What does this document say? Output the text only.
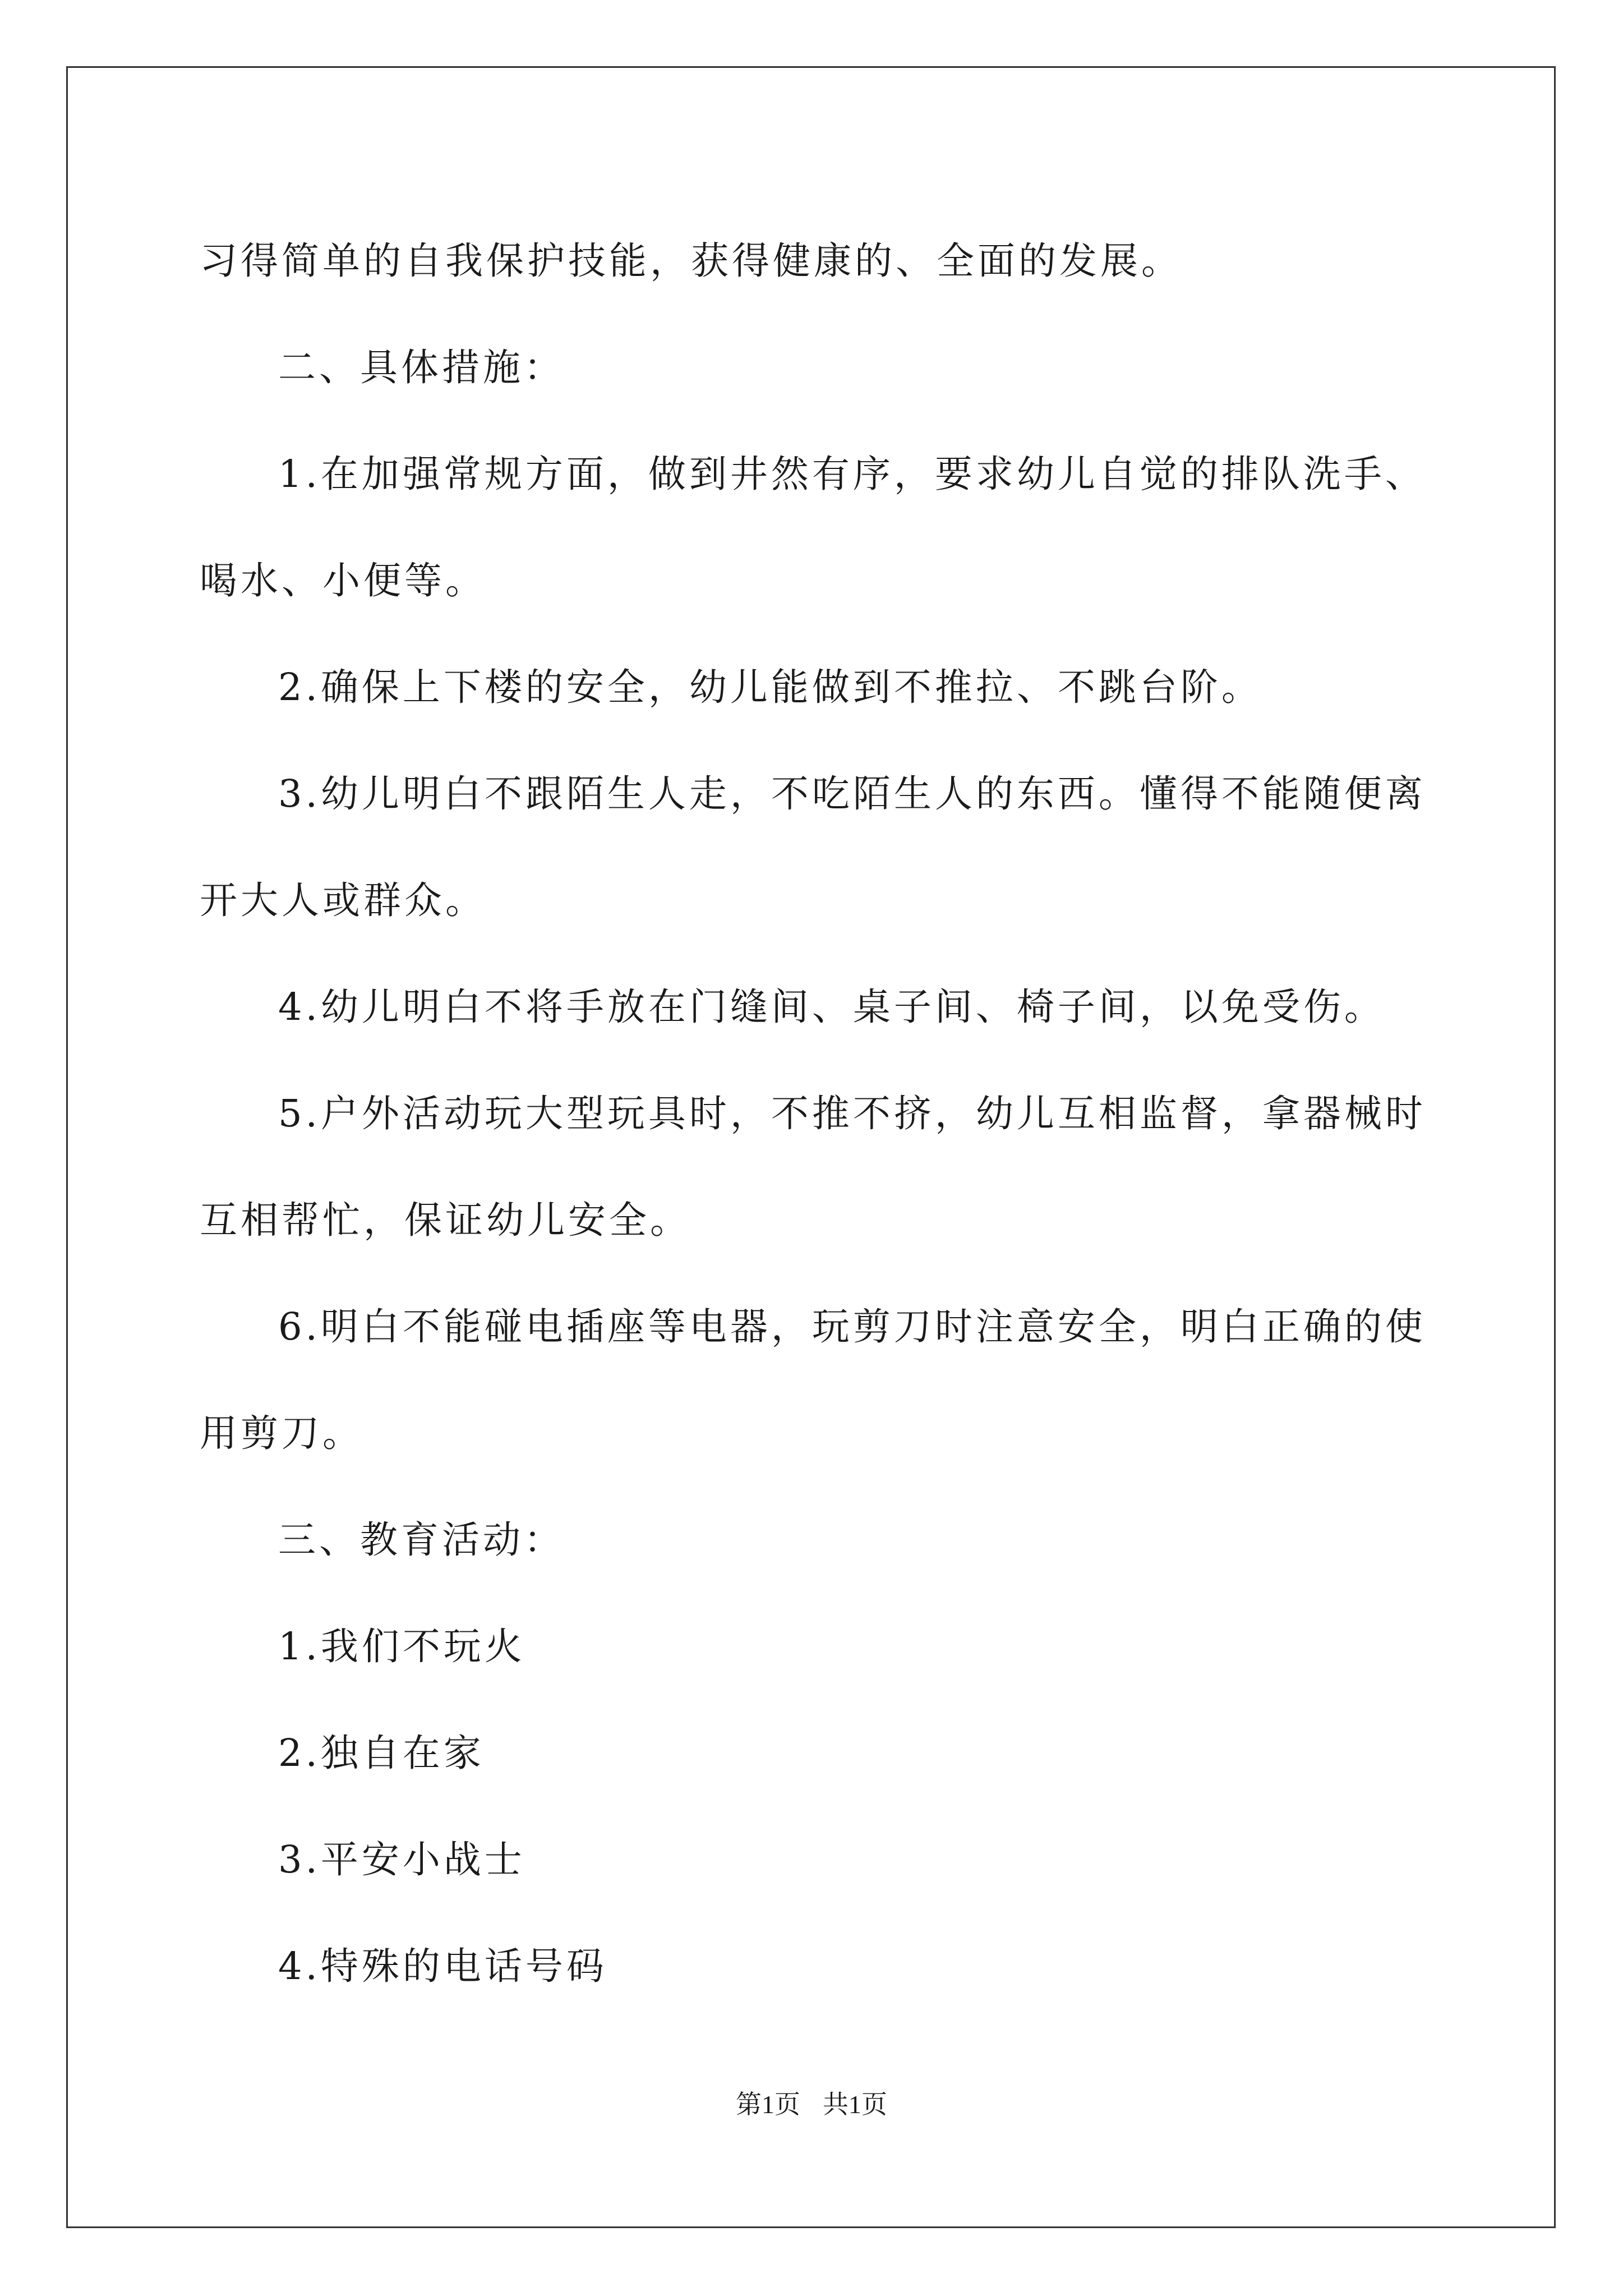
习得简单的自我保护技能，获得健康的、全面的发展。

二、具体措施：

1.在加强常规方面，做到井然有序，要求幼儿自觉的排队洗手、

喝水、小便等。

2.确保上下楼的安全，幼儿能做到不推拉、不跳台阶。

3.幼儿明白不跟陌生人走，不吃陌生人的东西。懂得不能随便离

开大人或群众。

4.幼儿明白不将手放在门缝间、桌子间、椅子间，以免受伤。

5.户外活动玩大型玩具时，不推不挤，幼儿互相监督，拿器械时

互相帮忙，保证幼儿安全。

6.明白不能碰电插座等电器，玩剪刀时注意安全，明白正确的使

用剪刀。

三、教育活动：

1.我们不玩火

2.独自在家

3.平安小战士

4.特殊的电话号码

第1页 共1页
